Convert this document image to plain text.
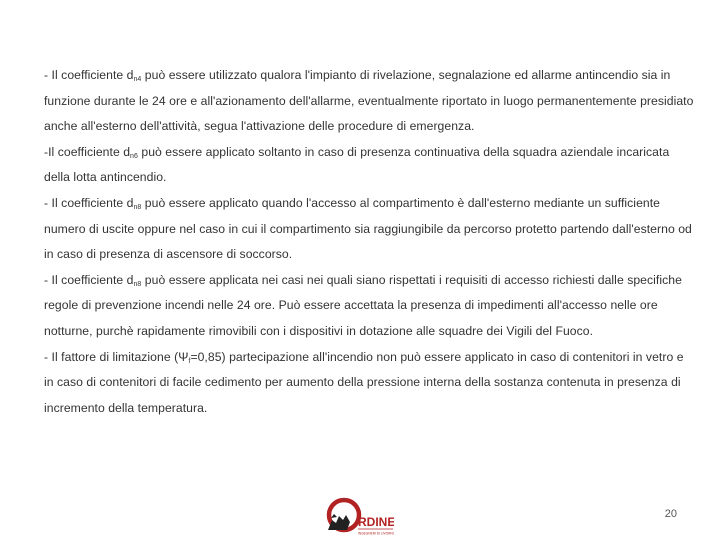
- Il coefficiente $d_{n4}$ può essere utilizzato qualora l'impianto di rivelazione, segnalazione ed allarme antincendio sia in funzione durante le 24 ore e all'azionamento dell'allarme, eventualmente riportato in luogo permanentemente presidiato anche all'esterno dell'attività, segua l'attivazione delle procedure di emergenza.

-Il coefficiente $d_{n6}$ può essere applicato soltanto in caso di presenza continuativa della squadra aziendale incaricata della lotta antincendio.

- Il coefficiente $d_{n8}$ può essere applicato quando l'accesso al compartimento è dall'esterno mediante un sufficiente numero di uscite oppure nel caso in cui il compartimento sia raggiungibile da percorso protetto partendo dall'esterno od in caso di presenza di ascensore di soccorso.

- Il coefficiente $d_{n8}$ può essere applicata nei casi nei quali siano rispettati i requisiti di accesso richiesti dalle specifiche regole di prevenzione incendi nelle 24 ore. Può essere accettata la presenza di impedimenti all'accesso nelle ore notturne, purchè rapidamente rimovibili con i dispositivi in dotazione alle squadre dei Vigili del Fuoco.

- Il fattore di limitazione $(\Psi_f=0,85)$ partecipazione all'incendio non può essere applicato in caso di contenitori in vetro e in caso di contenitori di facile cedimento per aumento della pressione interna della sostanza contenuta in presenza di incremento della temperatura.

RDINE
INGEGNERI DI LIVORNO
20
